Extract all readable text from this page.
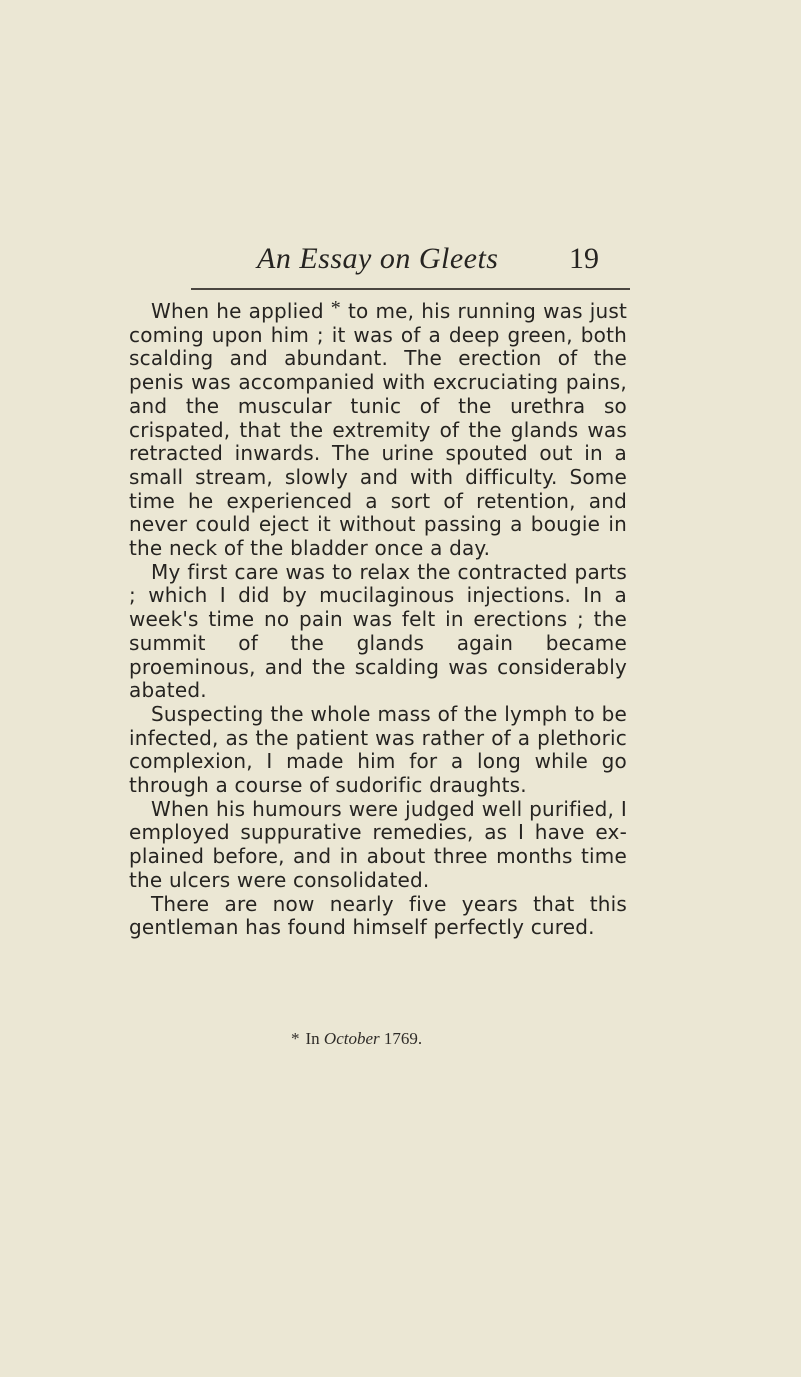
An Essay on Gleets 19

When he applied * to me, his running was just coming upon him ; it was of a deep green, both scalding and abundant. The erection of the penis was accompanied with excruciating pains, and the muscular tunic of the urethra so crispated, that the extremity of the glands was retracted inwards. The urine spouted out in a small stream, slowly and with difficulty. Some time he experienced a sort of retention, and never could eject it without passing a bougie in the neck of the bladder once a day.

My first care was to relax the contracted parts ; which I did by mucilaginous injections. In a week's time no pain was felt in erections ; the summit of the glands again became proeminous, and the scalding was considerably abated.

Suspecting the whole mass of the lymph to be infected, as the patient was rather of a plethoric complexion, I made him for a long while go through a course of sudorific draughts.

When his humours were judged well purified, I employed suppurative remedies, as I have ex- plained before, and in about three months time the ulcers were consolidated.

There are now nearly five years that this gentleman has found himself perfectly cured.

* In October 1769.
